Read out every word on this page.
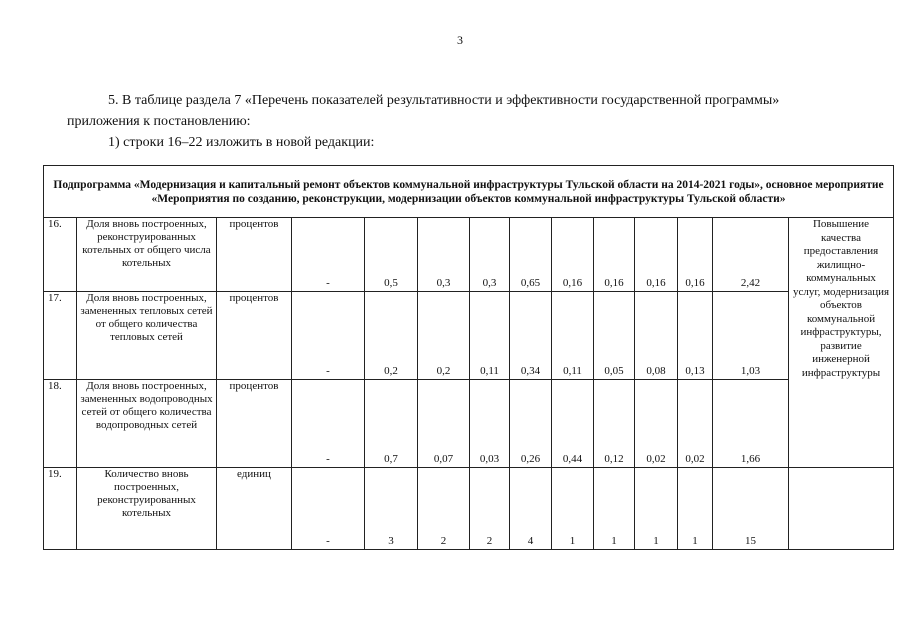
3
5. В таблице раздела 7 «Перечень показателей результативности и эффективности государственной программы»
приложения к постановлению:
1) строки 16–22 изложить в новой редакции:
Подпрограмма «Модернизация и капитальный ремонт объектов коммунальной инфраструктуры Тульской области на 2014-2021 годы», основное мероприятие «Мероприятия по созданию, реконструкции, модернизации объектов коммунальной инфраструктуры Тульской области»													
16.	Доля вновь построенных, реконструированных котельных от общего числа котельных	процентов	-	0,5	0,3	0,3	0,65	0,16	0,16	0,16	0,16	2,42	Повышение качества предоставления жилищно-коммунальных услуг, модернизация объектов коммунальной инфраструктуры, развитие инженерной инфраструктуры
17.	Доля вновь построенных, замененных тепловых сетей от общего количества тепловых сетей	процентов	-	0,2	0,2	0,11	0,34	0,11	0,05	0,08	0,13	1,03	
18.	Доля вновь построенных, замененных водопроводных сетей от общего количества водопроводных сетей	процентов	-	0,7	0,07	0,03	0,26	0,44	0,12	0,02	0,02	1,66	
19.	Количество вновь построенных, реконструированных котельных	единиц	-	3	2	2	4	1	1	1	1	15	
